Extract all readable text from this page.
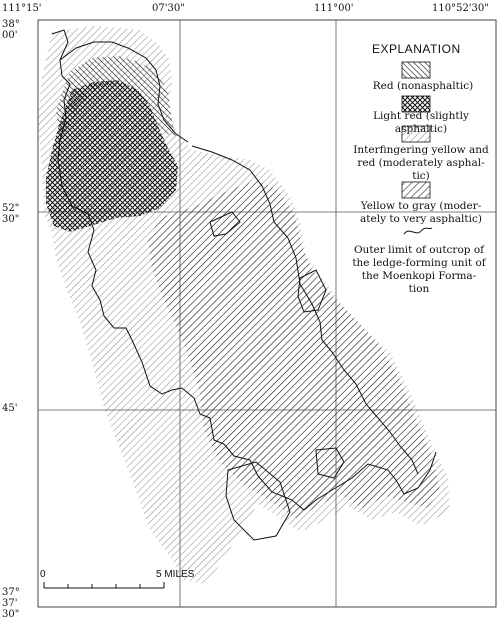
111°15'	07'30"	111°00'	110°52'30"
38°
00'
52"
30"
45'
37°
37'
30"
EXPLANATION
Red (nonasphaltic)
Light red (slightly asphaltic)
Interfingering yellow and
red (moderately asphal-
tic)
Yellow to gray (moder-
ately to very asphaltic)
Outer limit of outcrop of
the ledge-forming unit of
the Moenkopi Forma-
tion
0	5 MILES
